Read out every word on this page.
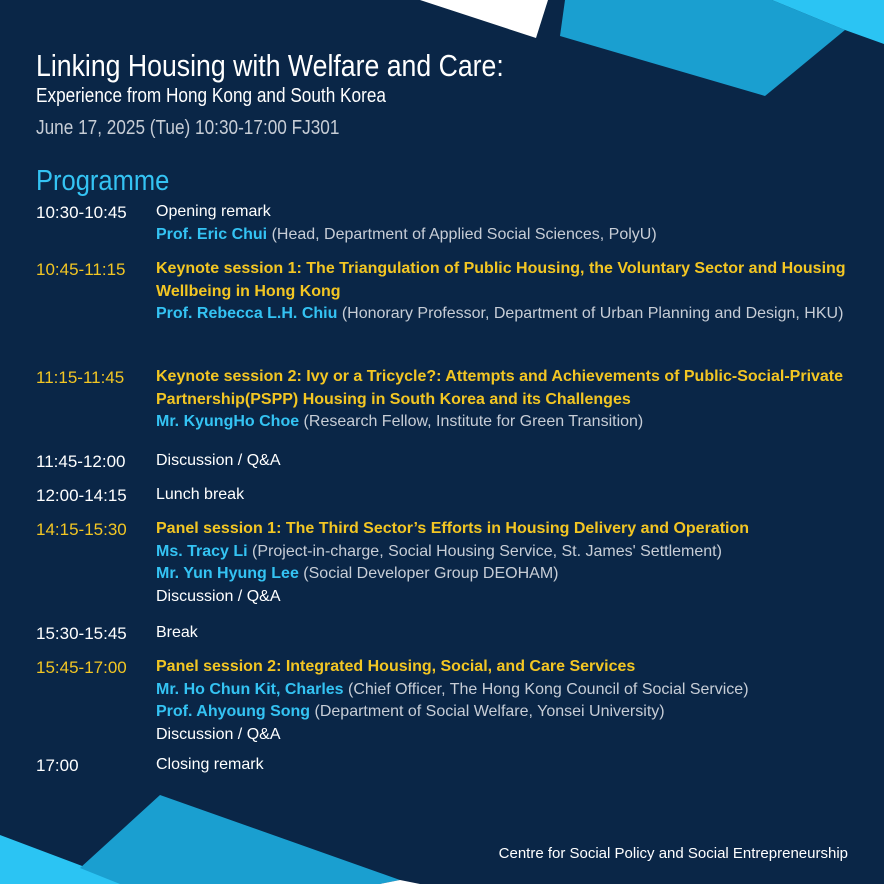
Linking Housing with Welfare and Care:
Experience from Hong Kong and South Korea
June 17, 2025 (Tue) 10:30-17:00 FJ301
Programme
10:30-10:45	Opening remark
Prof. Eric Chui (Head, Department of Applied Social Sciences, PolyU)
10:45-11:15	Keynote session 1: The Triangulation of Public Housing, the Voluntary Sector and Housing Wellbeing in Hong Kong
Prof. Rebecca L.H. Chiu (Honorary Professor, Department of Urban Planning and Design, HKU)
11:15-11:45	Keynote session 2: Ivy or a Tricycle?: Attempts and Achievements of Public-Social-Private Partnership(PSPP) Housing in South Korea and its Challenges
Mr. KyungHo Choe (Research Fellow, Institute for Green Transition)
11:45-12:00	Discussion / Q&A
12:00-14:15	Lunch break
14:15-15:30	Panel session 1: The Third Sector’s Efforts in Housing Delivery and Operation
Ms. Tracy Li (Project-in-charge, Social Housing Service, St. James' Settlement)
Mr. Yun Hyung Lee (Social Developer Group DEOHAM)
Discussion / Q&A
15:30-15:45	Break
15:45-17:00	Panel session 2: Integrated Housing, Social, and Care Services
Mr. Ho Chun Kit, Charles (Chief Officer, The Hong Kong Council of Social Service)
Prof. Ahyoung Song (Department of Social Welfare, Yonsei University)
Discussion / Q&A
17:00	Closing remark
Centre for Social Policy and Social Entrepreneurship
